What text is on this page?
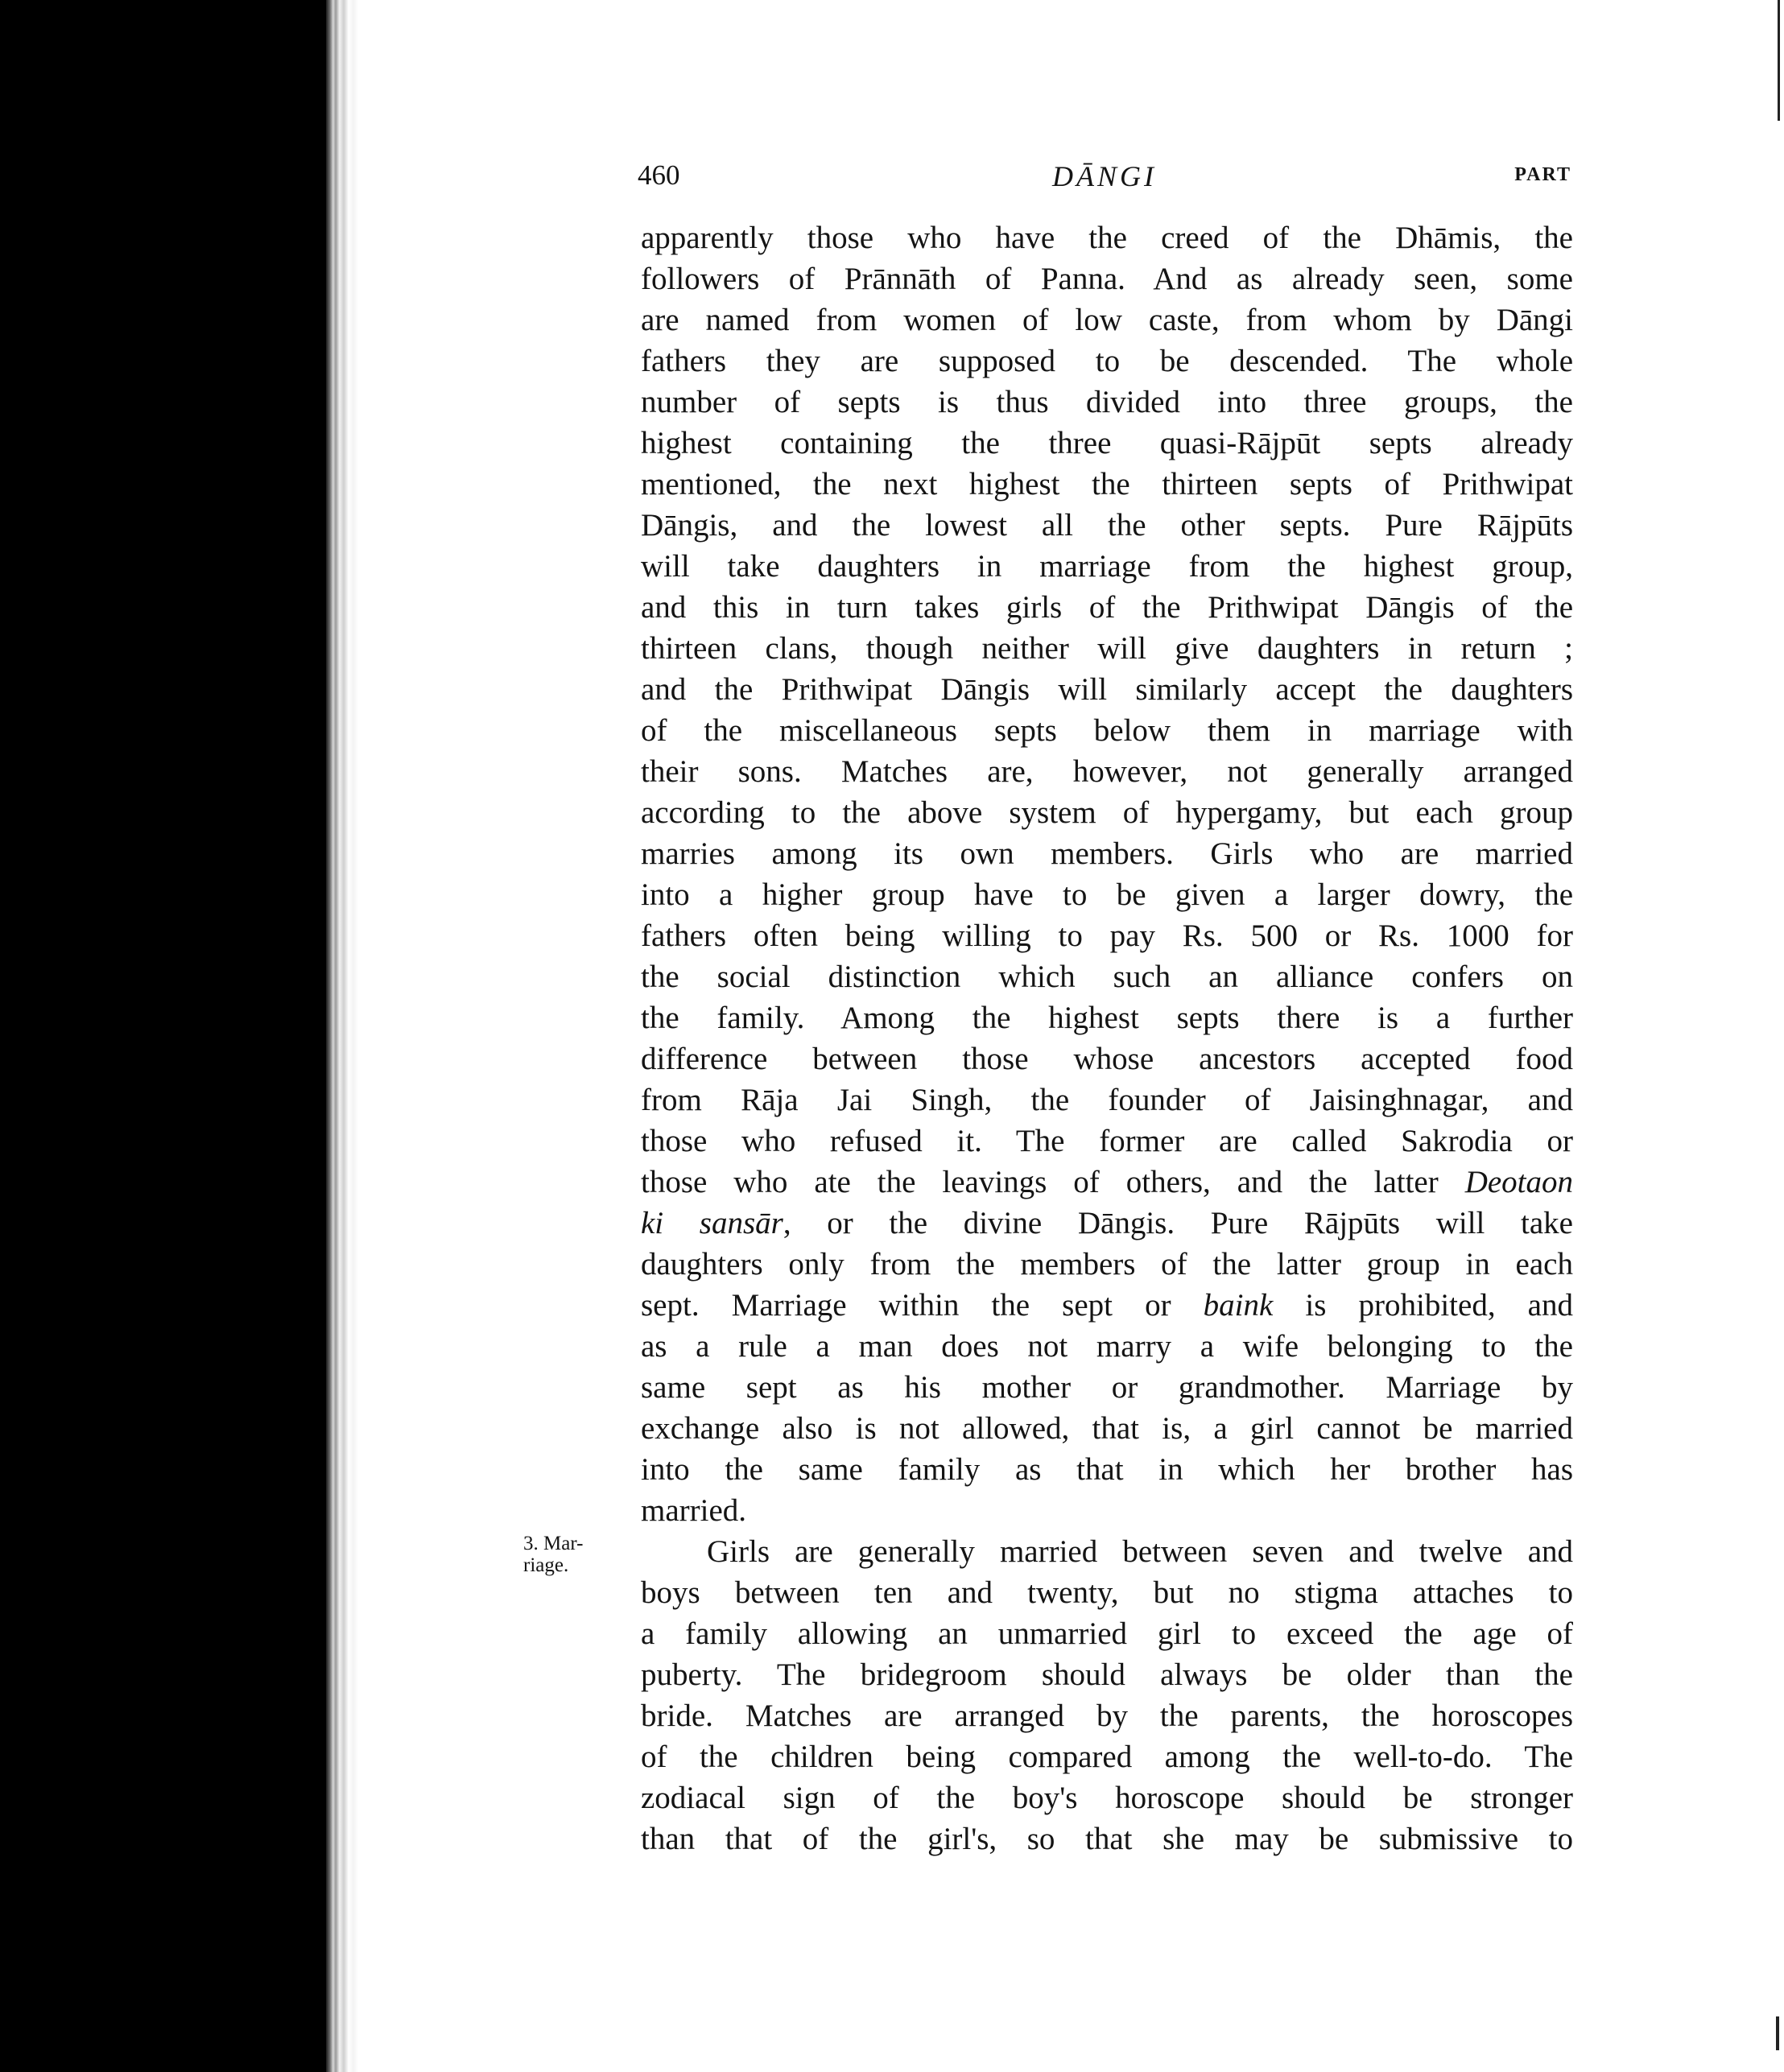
460	DĀNGI	PART
3. Mar-
riage.
apparently those who have the creed of the Dhāmis, the
followers of Prānnāth of Panna. And as already seen, some
are named from women of low caste, from whom by Dāngi
fathers they are supposed to be descended. The whole
number of septs is thus divided into three groups, the
highest containing the three quasi-Rājpūt septs already
mentioned, the next highest the thirteen septs of Prithwipat
Dāngis, and the lowest all the other septs. Pure Rājpūts
will take daughters in marriage from the highest group,
and this in turn takes girls of the Prithwipat Dāngis of the
thirteen clans, though neither will give daughters in return ;
and the Prithwipat Dāngis will similarly accept the daughters
of the miscellaneous septs below them in marriage with
their sons. Matches are, however, not generally arranged
according to the above system of hypergamy, but each group
marries among its own members. Girls who are married
into a higher group have to be given a larger dowry, the
fathers often being willing to pay Rs. 500 or Rs. 1000 for
the social distinction which such an alliance confers on
the family. Among the highest septs there is a further
difference between those whose ancestors accepted food
from Rāja Jai Singh, the founder of Jaisinghnagar, and
those who refused it. The former are called Sakrodia or
those who ate the leavings of others, and the latter Deotaon
ki sansār, or the divine Dāngis. Pure Rājpūts will take
daughters only from the members of the latter group in each
sept. Marriage within the sept or baink is prohibited, and
as a rule a man does not marry a wife belonging to the
same sept as his mother or grandmother. Marriage by
exchange also is not allowed, that is, a girl cannot be married
into the same family as that in which her brother has
married.
Girls are generally married between seven and twelve and
boys between ten and twenty, but no stigma attaches to
a family allowing an unmarried girl to exceed the age of
puberty. The bridegroom should always be older than the
bride. Matches are arranged by the parents, the horoscopes
of the children being compared among the well-to-do. The
zodiacal sign of the boy's horoscope should be stronger
than that of the girl's, so that she may be submissive to
